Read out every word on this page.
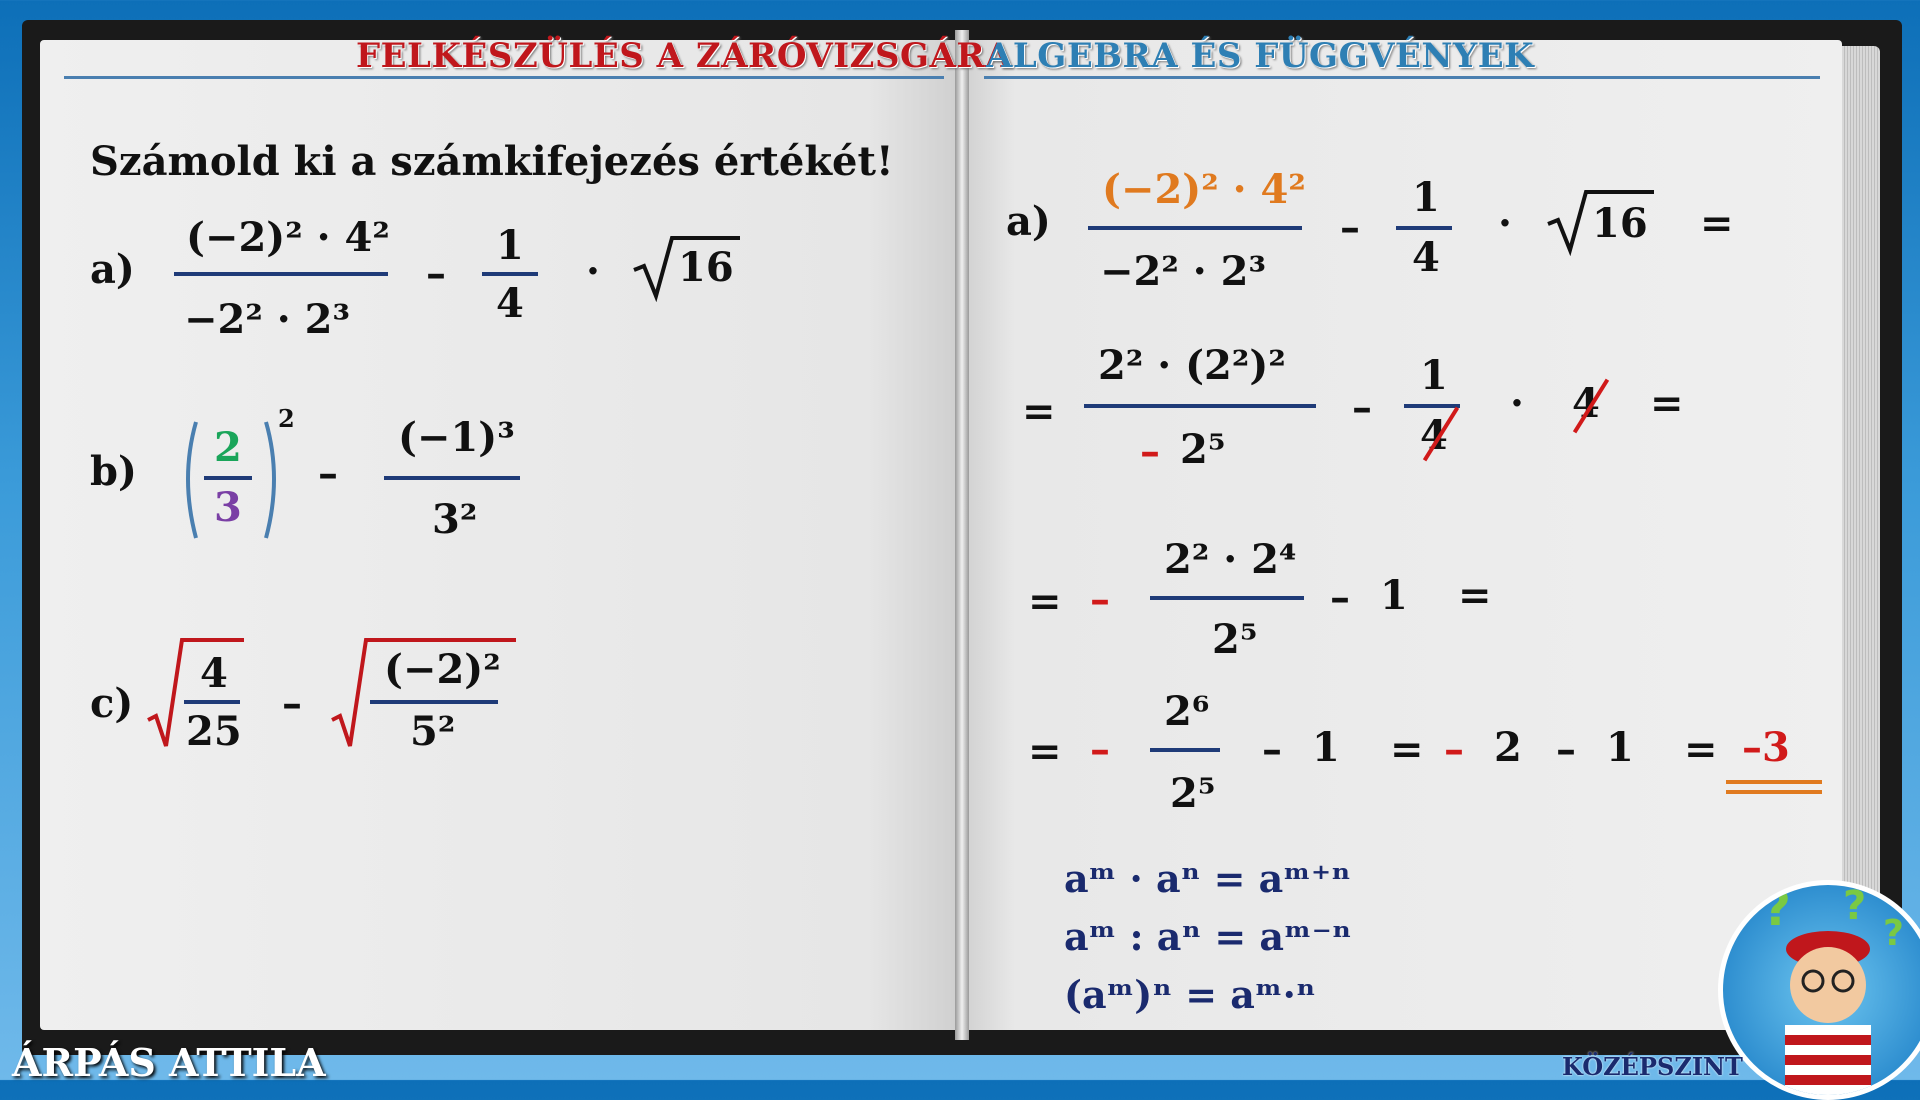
FELKÉSZÜLÉS A ZÁRÓVIZSGÁRA
ALGEBRA ÉS FÜGGVÉNYEK
Számold ki a számkifejezés értékét!
a)
(−2)² · 4²
−2² · 2³
–
1
4
· 16
b)
2
3
2
–
(−1)³
3²
c)
4
25
–
(−2)²
5²
a)
(−2)² · 4²
−2² · 2³
–
1
4
· 16 =
=
2² · (2²)²
– 2⁵
–
1
4
· 4 =
= –
2² · 2⁴
2⁵
– 1 =
= –
2⁶
2⁵
– 1 = – 2 – 1 = –3
aᵐ · aⁿ = aᵐ⁺ⁿ
aᵐ : aⁿ = aᵐ⁻ⁿ
(aᵐ)ⁿ = aᵐ·ⁿ
? ?
?
ÁRPÁS ATTILA	KÖZÉPSZINT
